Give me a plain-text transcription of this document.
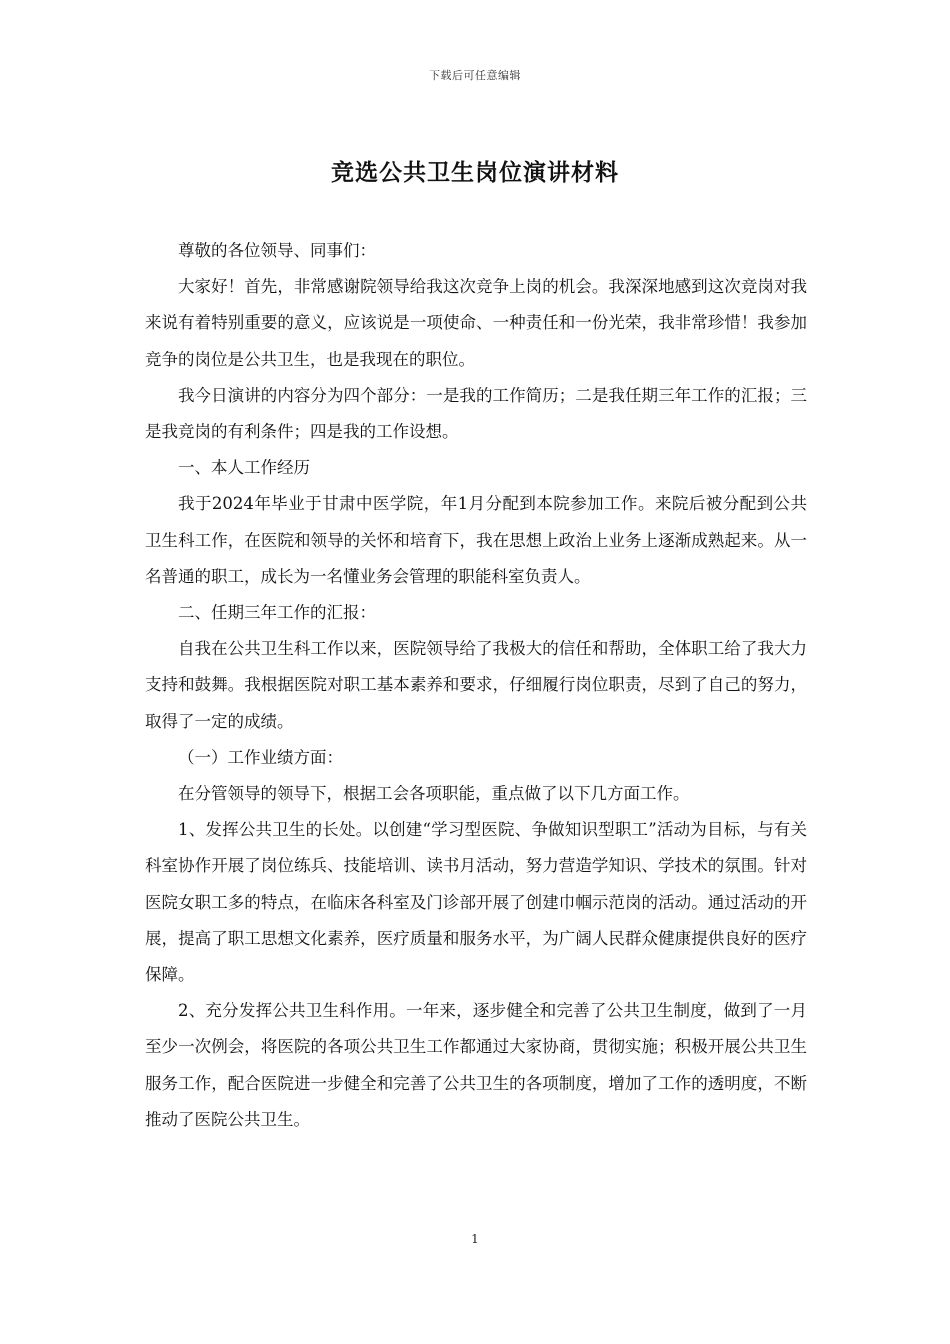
下载后可任意编辑
竞选公共卫生岗位演讲材料

尊敬的各位领导、同事们：

大家好！首先，非常感谢院领导给我这次竞争上岗的机会。我深深地感到这次竞岗对我来说有着特别重要的意义，应该说是一项使命、一种责任和一份光荣，我非常珍惜！我参加竞争的岗位是公共卫生，也是我现在的职位。

我今日演讲的内容分为四个部分：一是我的工作简历；二是我任期三年工作的汇报；三是我竞岗的有利条件；四是我的工作设想。

一、本人工作经历

我于2024年毕业于甘肃中医学院，年1月分配到本院参加工作。来院后被分配到公共卫生科工作，在医院和领导的关怀和培育下，我在思想上政治上业务上逐渐成熟起来。从一名普通的职工，成长为一名懂业务会管理的职能科室负责人。

二、任期三年工作的汇报：

自我在公共卫生科工作以来，医院领导给了我极大的信任和帮助，全体职工给了我大力支持和鼓舞。我根据医院对职工基本素养和要求，仔细履行岗位职责，尽到了自己的努力，取得了一定的成绩。

（一）工作业绩方面：

在分管领导的领导下，根据工会各项职能，重点做了以下几方面工作。

1、发挥公共卫生的长处。以创建“学习型医院、争做知识型职工”活动为目标，与有关科室协作开展了岗位练兵、技能培训、读书月活动，努力营造学知识、学技术的氛围。针对医院女职工多的特点，在临床各科室及门诊部开展了创建巾帼示范岗的活动。通过活动的开展，提高了职工思想文化素养，医疗质量和服务水平，为广阔人民群众健康提供良好的医疗保障。

2、充分发挥公共卫生科作用。一年来，逐步健全和完善了公共卫生制度，做到了一月至少一次例会，将医院的各项公共卫生工作都通过大家协商，贯彻实施；积极开展公共卫生服务工作，配合医院进一步健全和完善了公共卫生的各项制度，增加了工作的透明度，不断推动了医院公共卫生。

1
